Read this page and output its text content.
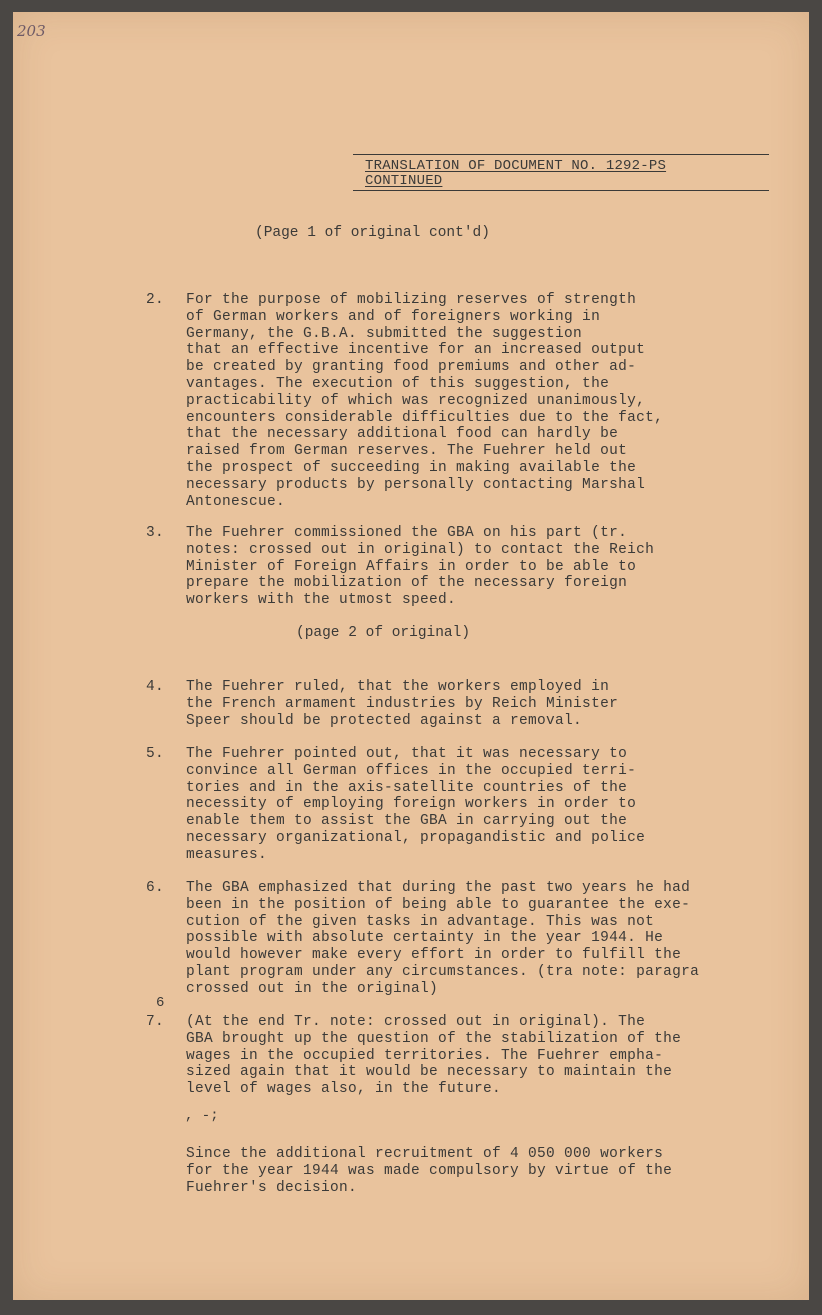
203
TRANSLATION OF DOCUMENT NO. 1292-PS
CONTINUED
(Page 1 of original cont'd)
2.	For the purpose of mobilizing reserves of strength
of German workers and of foreigners working in
Germany, the G.B.A. submitted the suggestion
that an effective incentive for an increased output
be created by granting food premiums and other ad-
vantages. The execution of this suggestion, the
practicability of which was recognized unanimously,
encounters considerable difficulties due to the fact,
that the necessary additional food can hardly be
raised from German reserves. The Fuehrer held out
the prospect of succeeding in making available the
necessary products by personally contacting Marshal
Antonescue.
3.	The Fuehrer commissioned the GBA on his part (tr.
notes: crossed out in original) to contact the Reich
Minister of Foreign Affairs in order to be able to
prepare the mobilization of the necessary foreign
workers with the utmost speed.
(page 2 of original)
4.	The Fuehrer ruled, that the workers employed in
the French armament industries by Reich Minister
Speer should be protected against a removal.
5.	The Fuehrer pointed out, that it was necessary to
convince all German offices in the occupied terri-
tories and in the axis-satellite countries of the
necessity of employing foreign workers in order to
enable them to assist the GBA in carrying out the
necessary organizational, propagandistic and police
measures.
6.	The GBA emphasized that during the past two years he had
been in the position of being able to guarantee the exe-
cution of the given tasks in advantage. This was not
possible with absolute certainty in the year 1944. He
would however make every effort in order to fulfill the
plant program under any circumstances. (tra note: paragra
crossed out in the original)
6
7.	(At the end Tr. note: crossed out in original). The
GBA brought up the question of the stabilization of the
wages in the occupied territories. The Fuehrer empha-
sized again that it would be necessary to maintain the
level of wages also, in the future.
, -;
Since the additional recruitment of 4 050 000 workers
for the year 1944 was made compulsory by virtue of the
Fuehrer's decision.
